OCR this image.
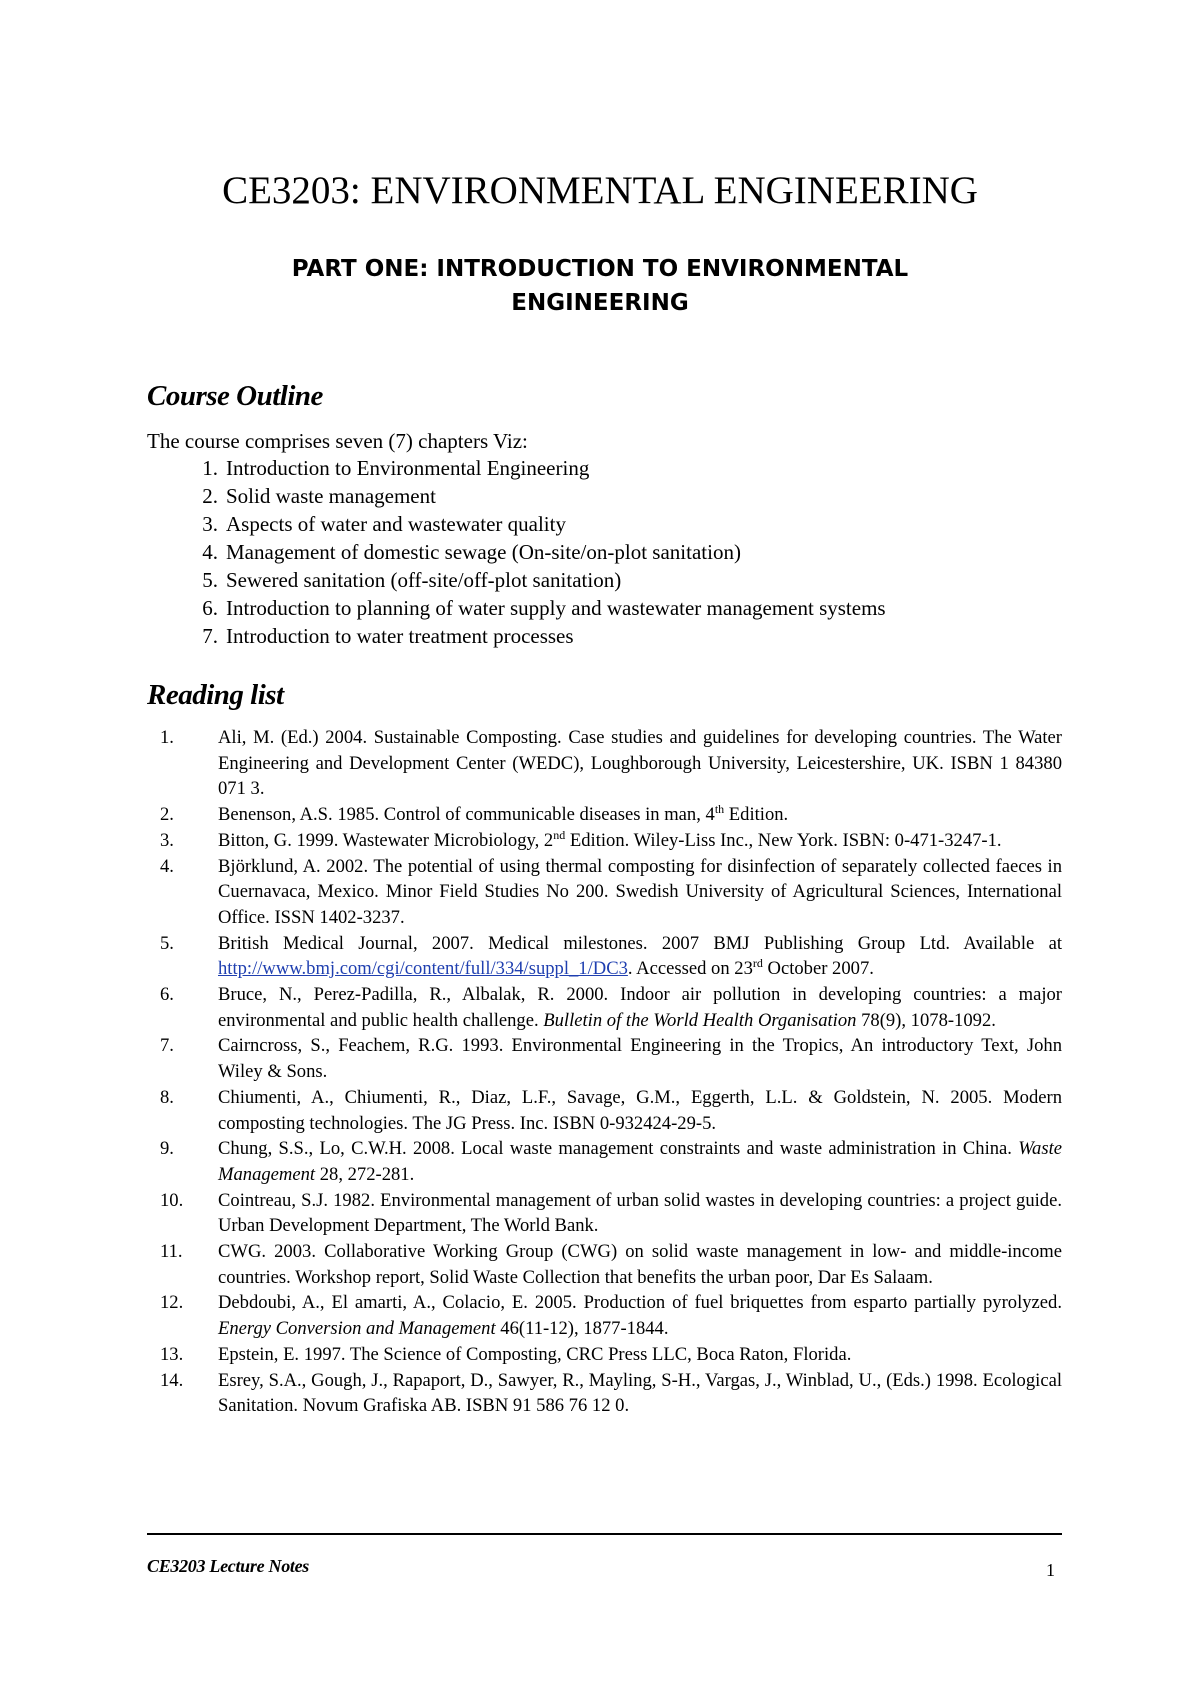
CE3203: ENVIRONMENTAL ENGINEERING
PART ONE: INTRODUCTION TO ENVIRONMENTAL
ENGINEERING
Course Outline

The course comprises seven (7) chapters Viz:

1. Introduction to Environmental Engineering
2. Solid waste management
3. Aspects of water and wastewater quality
4. Management of domestic sewage (On-site/on-plot sanitation)
5. Sewered sanitation (off-site/off-plot sanitation)
6. Introduction to planning of water supply and wastewater management systems
7. Introduction to water treatment processes
Reading list
1.	Ali, M. (Ed.) 2004. Sustainable Composting. Case studies and guidelines for developing countries. The Water Engineering and Development Center (WEDC), Loughborough University, Leicestershire, UK. ISBN 1 84380 071 3.
2.	Benenson, A.S. 1985. Control of communicable diseases in man, 4th Edition.
3.	Bitton, G. 1999. Wastewater Microbiology, 2nd Edition. Wiley-Liss Inc., New York. ISBN: 0-471-3247-1.
4.	Björklund, A. 2002. The potential of using thermal composting for disinfection of separately collected faeces in Cuernavaca, Mexico. Minor Field Studies No 200. Swedish University of Agricultural Sciences, International Office. ISSN 1402-3237.
5.	British Medical Journal, 2007. Medical milestones. 2007 BMJ Publishing Group Ltd. Available at http://www.bmj.com/cgi/content/full/334/suppl_1/DC3. Accessed on 23rd October 2007.
6.	Bruce, N., Perez-Padilla, R., Albalak, R. 2000. Indoor air pollution in developing countries: a major environmental and public health challenge. Bulletin of the World Health Organisation 78(9), 1078-1092.
7.	Cairncross, S., Feachem, R.G. 1993. Environmental Engineering in the Tropics, An introductory Text, John Wiley & Sons.
8.	Chiumenti, A., Chiumenti, R., Diaz, L.F., Savage, G.M., Eggerth, L.L. & Goldstein, N. 2005. Modern composting technologies. The JG Press. Inc. ISBN 0-932424-29-5.
9.	Chung, S.S., Lo, C.W.H. 2008. Local waste management constraints and waste administration in China. Waste Management 28, 272-281.
10.	Cointreau, S.J. 1982. Environmental management of urban solid wastes in developing countries: a project guide. Urban Development Department, The World Bank.
11.	CWG. 2003. Collaborative Working Group (CWG) on solid waste management in low- and middle-income countries. Workshop report, Solid Waste Collection that benefits the urban poor, Dar Es Salaam.
12.	Debdoubi, A., El amarti, A., Colacio, E. 2005. Production of fuel briquettes from esparto partially pyrolyzed. Energy Conversion and Management 46(11-12), 1877-1844.
13.	Epstein, E. 1997. The Science of Composting, CRC Press LLC, Boca Raton, Florida.
14.	Esrey, S.A., Gough, J., Rapaport, D., Sawyer, R., Mayling, S-H., Vargas, J., Winblad, U., (Eds.) 1998. Ecological Sanitation. Novum Grafiska AB. ISBN 91 586 76 12 0.

CE3203 Lecture Notes	1
